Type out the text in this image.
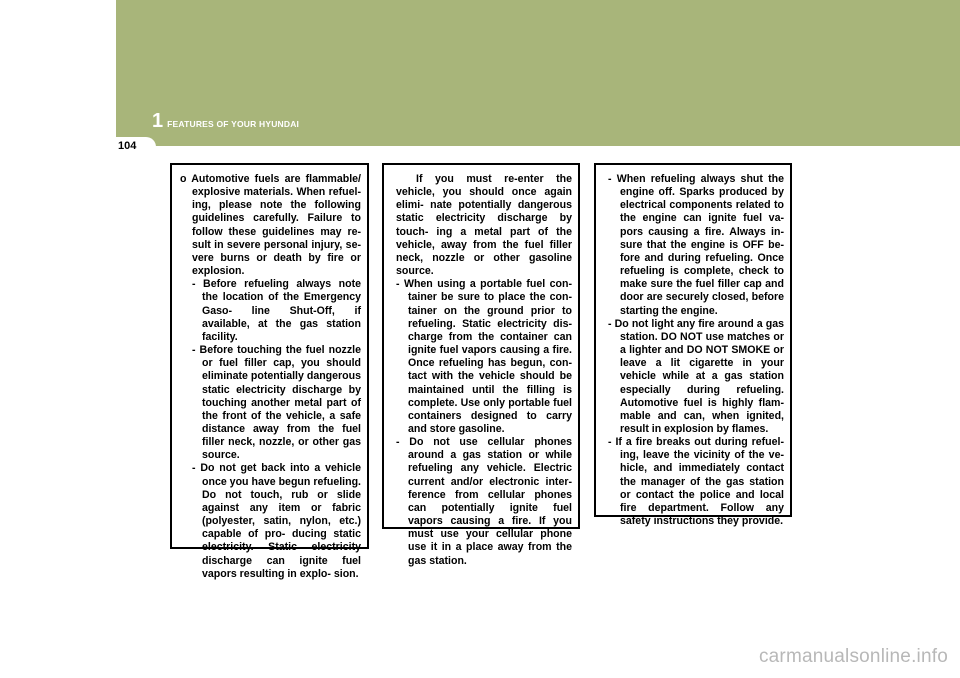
1 FEATURES OF YOUR HYUNDAI
104

o Automotive fuels are flammable/ explosive materials. When refuel- ing, please note the following guidelines carefully. Failure to follow these guidelines may re- sult in severe personal injury, se- vere burns or death by fire or explosion.

- Before refueling always note the location of the Emergency Gaso- line Shut-Off, if available, at the gas station facility.

- Before touching the fuel nozzle or fuel filler cap, you should eliminate potentially dangerous static electricity discharge by touching another metal part of the front of the vehicle, a safe distance away from the fuel filler neck, nozzle, or other gas source.

- Do not get back into a vehicle once you have begun refueling. Do not touch, rub or slide against any item or fabric (polyester, satin, nylon, etc.) capable of pro- ducing static electricity. Static electricity discharge can ignite fuel vapors resulting in explo- sion.

If you must re-enter the vehicle, you should once again elimi- nate potentially dangerous static electricity discharge by touch- ing a metal part of the vehicle, away from the fuel filler neck, nozzle or other gasoline source.

- When using a portable fuel con- tainer be sure to place the con- tainer on the ground prior to refueling. Static electricity dis- charge from the container can ignite fuel vapors causing a fire. Once refueling has begun, con- tact with the vehicle should be maintained until the filling is complete. Use only portable fuel containers designed to carry and store gasoline.

- Do not use cellular phones around a gas station or while refueling any vehicle. Electric current and/or electronic inter- ference from cellular phones can potentially ignite fuel vapors causing a fire. If you must use your cellular phone use it in a place away from the gas station.

- When refueling always shut the engine off. Sparks produced by electrical components related to the engine can ignite fuel va- pors causing a fire. Always in- sure that the engine is OFF be- fore and during refueling. Once refueling is complete, check to make sure the fuel filler cap and door are securely closed, before starting the engine.

- Do not light any fire around a gas station. DO NOT use matches or a lighter and DO NOT SMOKE or leave a lit cigarette in your vehicle while at a gas station especially during refueling. Automotive fuel is highly flam- mable and can, when ignited, result in explosion by flames.

- If a fire breaks out during refuel- ing, leave the vicinity of the ve- hicle, and immediately contact the manager of the gas station or contact the police and local fire department. Follow any safety instructions they provide.

carmanualsonline.info
